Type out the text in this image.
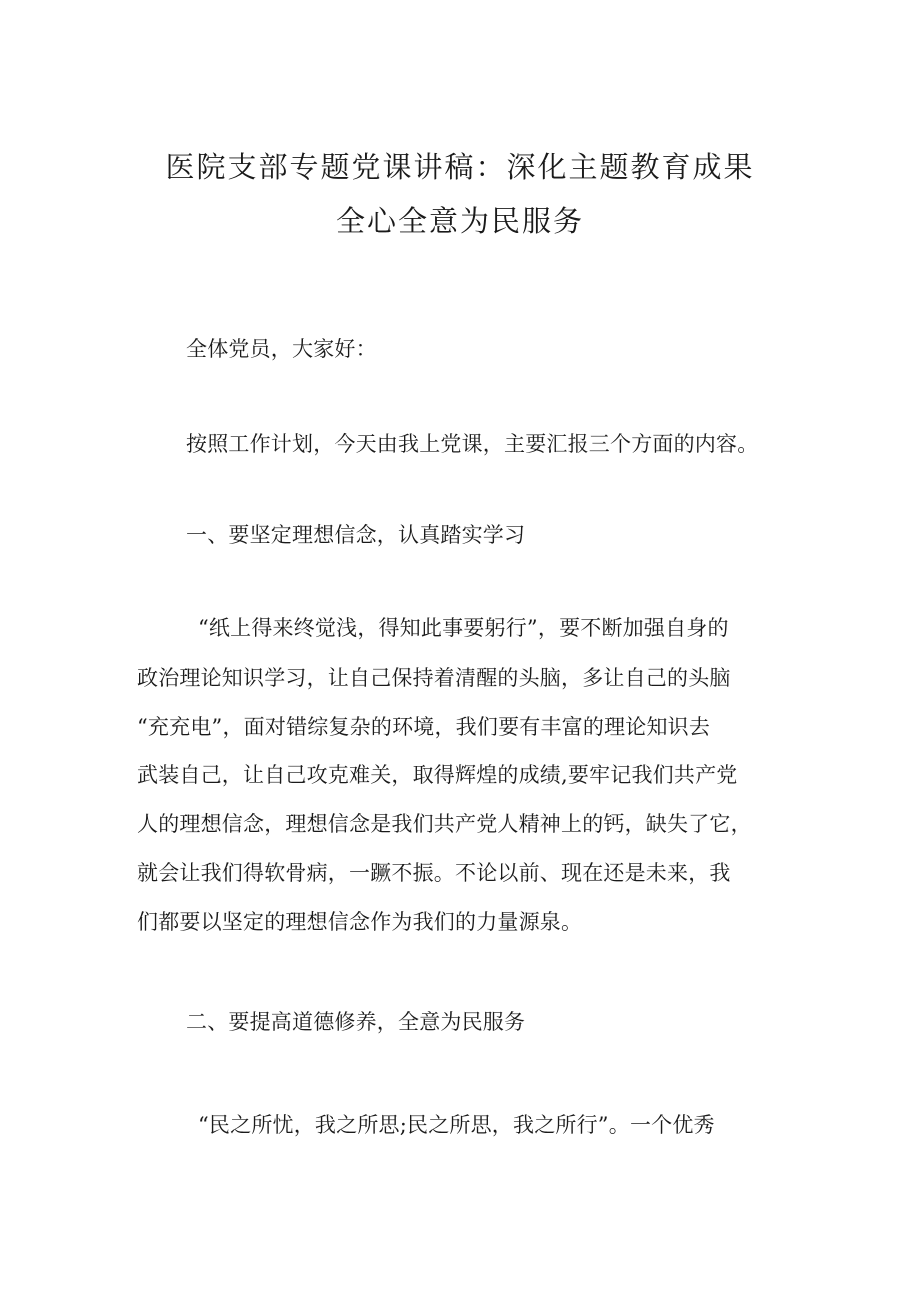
医院支部专题党课讲稿：深化主题教育成果
全心全意为民服务
全体党员，大家好：
按照工作计划，今天由我上党课，主要汇报三个方面的内容。
一、要坚定理想信念，认真踏实学习
“纸上得来终觉浅，得知此事要躬行”，要不断加强自身的
政治理论知识学习，让自己保持着清醒的头脑，多让自己的头脑
“充充电”，面对错综复杂的环境，我们要有丰富的理论知识去
武装自己，让自己攻克难关，取得辉煌的成绩,要牢记我们共产党
人的理想信念，理想信念是我们共产党人精神上的钙，缺失了它，
就会让我们得软骨病，一蹶不振。不论以前、现在还是未来，我
们都要以坚定的理想信念作为我们的力量源泉。
二、要提高道德修养，全意为民服务
“民之所忧，我之所思;民之所思，我之所行”。一个优秀
